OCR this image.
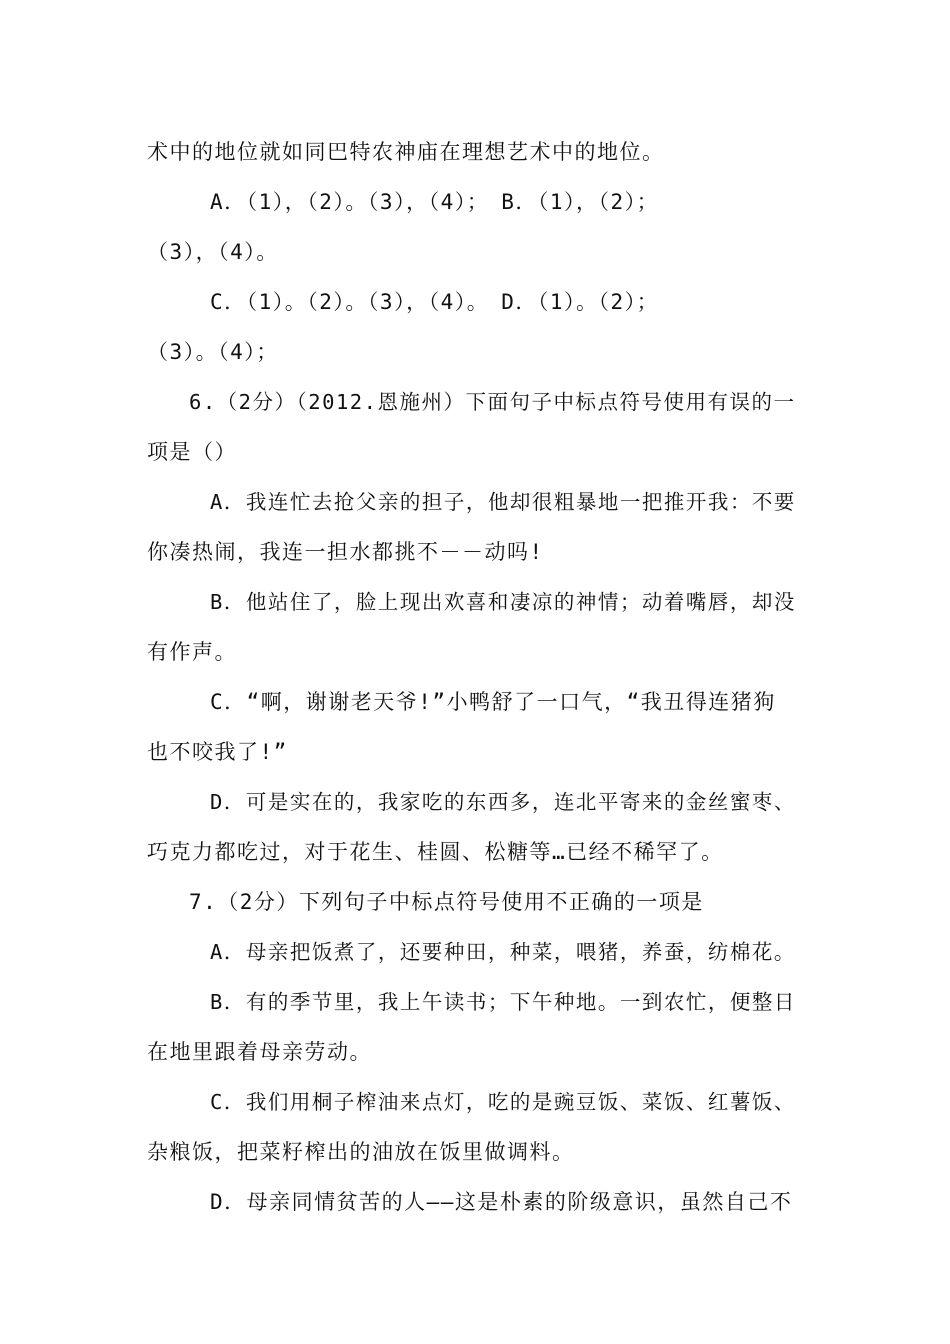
术中的地位就如同巴特农神庙在理想艺术中的地位。
A．（1），（2）。（3），（4）；　B．（1），（2）；
（3），（4）。
C．（1）。（2）。（3），（4）。　D．（1）。（2）；
（3）。（4）；
6.（2分）（2012.恩施州）下面句子中标点符号使用有误的一
项是（）
A．我连忙去抢父亲的担子，他却很粗暴地一把推开我：不要
你凑热闹，我连一担水都挑不－－动吗!
B．他站住了，脸上现出欢喜和凄凉的神情；动着嘴唇，却没
有作声。
C．“啊，谢谢老天爷!”小鸭舒了一口气，“我丑得连猪狗
也不咬我了!”
D．可是实在的，我家吃的东西多，连北平寄来的金丝蜜枣、
巧克力都吃过，对于花生、桂圆、松糖等…已经不稀罕了。
7.（2分）下列句子中标点符号使用不正确的一项是
A．母亲把饭煮了，还要种田，种菜，喂猪，养蚕，纺棉花。
B．有的季节里，我上午读书；下午种地。一到农忙，便整日
在地里跟着母亲劳动。
C．我们用桐子榨油来点灯，吃的是豌豆饭、菜饭、红薯饭、
杂粮饭，把菜籽榨出的油放在饭里做调料。
D．母亲同情贫苦的人——这是朴素的阶级意识，虽然自己不
